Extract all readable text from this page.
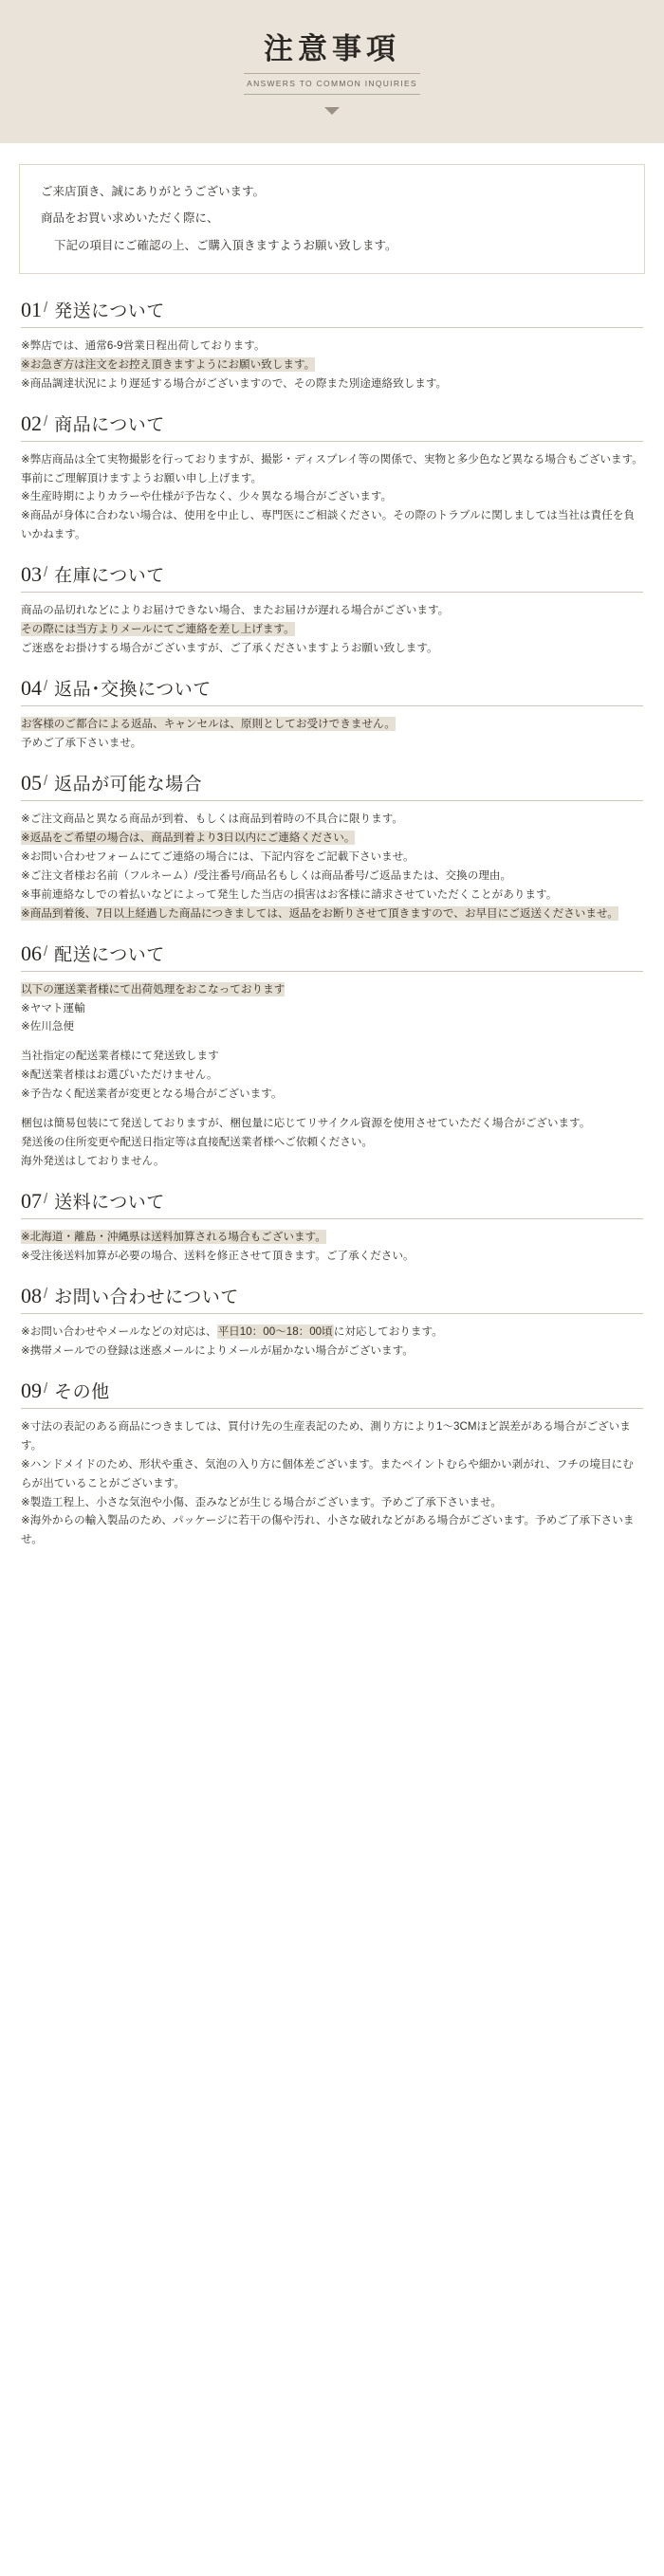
注意事項
ANSWERS TO COMMON INQUIRIES

ご来店頂き、誠にありがとうございます。

商品をお買い求めいただく際に、

下記の項目にご確認の上、ご購入頂きますようお願い致します。

01 / 発送について

※弊店では、通常6-9営業日程出荷しております。

※お急ぎ方は注文をお控え頂きますようにお願い致します。

※商品調達状況により遅延する場合がございますので、その際また別途連絡致します。

02 / 商品について

※弊店商品は全て実物撮影を行っておりますが、撮影・ディスプレイ等の関係で、実物と多少色など異なる場合もございます。事前にご理解頂けますようお願い申し上げます。

※生産時期によりカラーや仕様が予告なく、少々異なる場合がございます。

※商品が身体に合わない場合は、使用を中止し、専門医にご相談ください。その際のトラブルに関しましては当社は責任を負いかねます。

03 / 在庫について

商品の品切れなどによりお届けできない場合、またお届けが遅れる場合がございます。

その際には当方よりメールにてご連絡を差し上げます。

ご迷惑をお掛けする場合がございますが、ご了承くださいますようお願い致します。

04 / 返品･交換について

お客様のご都合による返品、キャンセルは、原則としてお受けできません。

予めご了承下さいませ。

05 / 返品が可能な場合

※ご注文商品と異なる商品が到着、もしくは商品到着時の不具合に限ります。

※返品をご希望の場合は、商品到着より3日以内にご連絡ください。

※お問い合わせフォームにてご連絡の場合には、下記内容をご記載下さいませ。

※ご注文者様お名前（フルネーム）/受注番号/商品名もしくは商品番号/ご返品または、交換の理由。

※事前連絡なしでの着払いなどによって発生した当店の損害はお客様に請求させていただくことがあります。

※商品到着後、7日以上経過した商品につきましては、返品をお断りさせて頂きますので、お早目にご返送くださいませ。

06 / 配送について

以下の運送業者様にて出荷処理をおこなっております

※ヤマト運輸

※佐川急便

当社指定の配送業者様にて発送致します

※配送業者様はお選びいただけません。

※予告なく配送業者が変更となる場合がございます。

梱包は簡易包装にて発送しておりますが、梱包量に応じてリサイクル資源を使用させていただく場合がございます。

発送後の住所変更や配送日指定等は直接配送業者様へご依頼ください。

海外発送はしておりません。

07 / 送料について

※北海道・離島・沖縄県は送料加算される場合もございます。

※受注後送料加算が必要の場合、送料を修正させて頂きます。ご了承ください。

08 / お問い合わせについて

※お問い合わせやメールなどの対応は、平日10：00～18：00頃に対応しております。

※携帯メールでの登録は迷惑メールによりメールが届かない場合がございます。

09 / その他

※寸法の表記のある商品につきましては、買付け先の生産表記のため、測り方により1～3CMほど誤差がある場合がございます。

※ハンドメイドのため、形状や重さ、気泡の入り方に個体差ございます。またペイントむらや細かい剥がれ、フチの境目にむらが出ていることがございます。

※製造工程上、小さな気泡や小傷、歪みなどが生じる場合がございます。予めご了承下さいませ。

※海外からの輸入製品のため、パッケージに若干の傷や汚れ、小さな破れなどがある場合がございます。予めご了承下さいませ。
